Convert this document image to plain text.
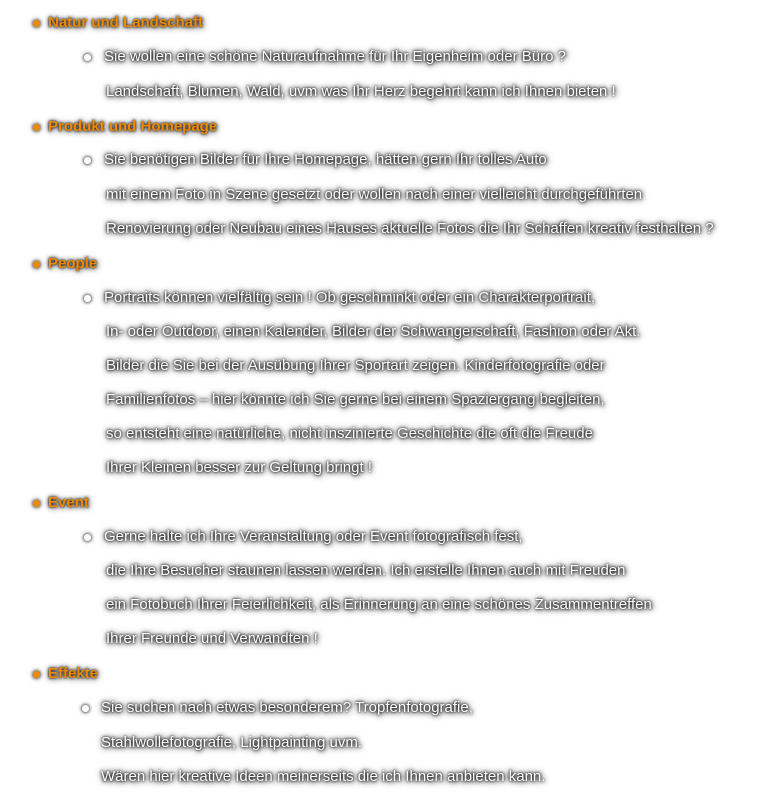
Natur und Landschaft
Sie wollen eine schöne Naturaufnahme für Ihr Eigenheim oder Büro ?
Landschaft, Blumen, Wald, uvm was Ihr Herz begehrt kann ich Ihnen bieten !
Produkt und Homepage
Sie benötigen Bilder für Ihre Homepage, hätten gern Ihr tolles Auto
mit einem Foto in Szene gesetzt oder wollen nach einer vielleicht durchgeführten
Renovierung oder Neubau eines Hauses aktuelle Fotos die Ihr Schaffen kreativ festhalten ?
People
Portraits können vielfältig sein ! Ob geschminkt oder ein Charakterportrait,
In- oder Outdoor, einen Kalender, Bilder der Schwangerschaft, Fashion oder Akt.
Bilder die Sie bei der Ausübung Ihrer Sportart zeigen. Kinderfotografie oder
Familienfotos – hier könnte ich Sie gerne bei einem Spaziergang begleiten,
so entsteht eine natürliche, nicht inszinierte Geschichte die oft die Freude
Ihrer Kleinen besser zur Geltung bringt !
Event
Gerne halte ich Ihre Veranstaltung oder Event fotografisch fest,
die Ihre Besucher staunen lassen werden. Ich erstelle Ihnen auch mit Freuden
ein Fotobuch Ihrer Feierlichkeit, als Erinnerung an eine schönes Zusammentreffen
Ihrer Freunde und Verwandten !
Effekte
Sie suchen nach etwas besonderem? Tropfenfotografie,
Stahlwollefotografie, Lightpainting uvm.
Wären hier kreative Ideen meinerseits die ich Ihnen anbieten kann.
